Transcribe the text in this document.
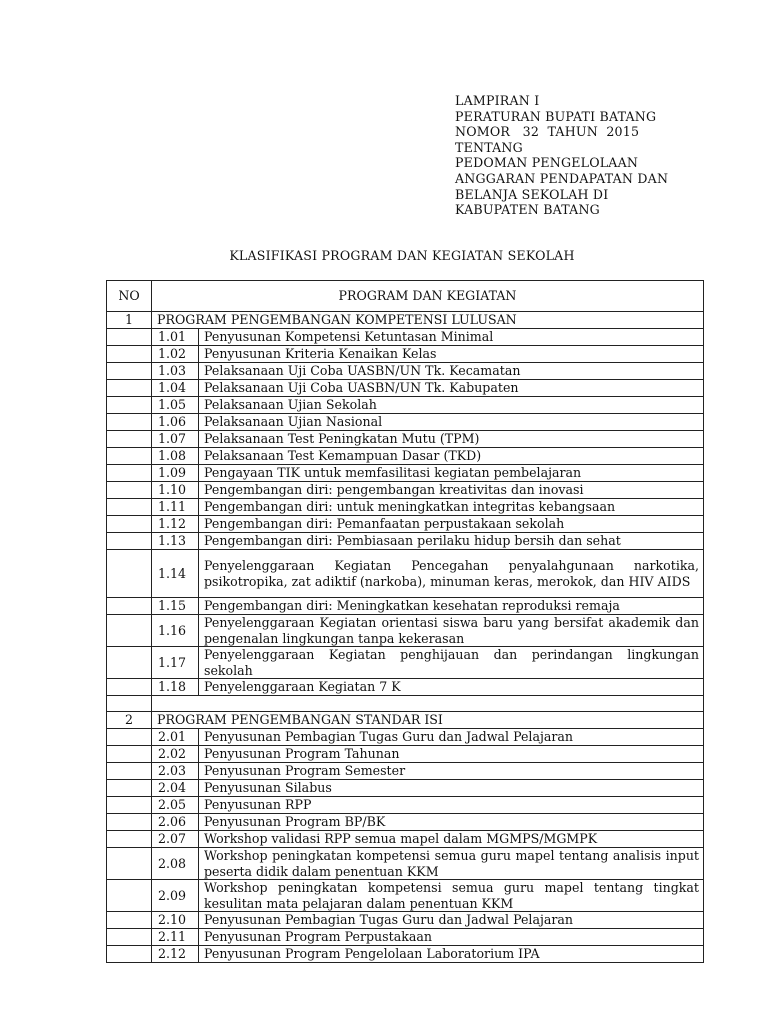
LAMPIRAN I
PERATURAN BUPATI BATANG
NOMOR   32  TAHUN  2015
TENTANG
PEDOMAN PENGELOLAAN
ANGGARAN PENDAPATAN DAN
BELANJA SEKOLAH DI
KABUPATEN BATANG
KLASIFIKASI PROGRAM DAN KEGIATAN SEKOLAH
NO	PROGRAM DAN KEGIATAN	
1	PROGRAM PENGEMBANGAN KOMPETENSI LULUSAN	
	1.01	Penyusunan Kompetensi Ketuntasan Minimal
	1.02	Penyusunan Kriteria Kenaikan Kelas
	1.03	Pelaksanaan Uji Coba UASBN/UN Tk. Kecamatan
	1.04	Pelaksanaan Uji Coba UASBN/UN Tk. Kabupaten
	1.05	Pelaksanaan Ujian Sekolah
	1.06	Pelaksanaan Ujian Nasional
	1.07	Pelaksanaan Test Peningkatan Mutu (TPM)
	1.08	Pelaksanaan Test Kemampuan Dasar (TKD)
	1.09	Pengayaan TIK untuk memfasilitasi kegiatan pembelajaran
	1.10	Pengembangan diri: pengembangan kreativitas dan inovasi
	1.11	Pengembangan diri: untuk meningkatkan integritas kebangsaan
	1.12	Pengembangan diri: Pemanfaatan perpustakaan sekolah
	1.13	Pengembangan diri: Pembiasaan perilaku hidup bersih dan sehat
	1.14	Penyelenggaraan Kegiatan Pencegahan penyalahgunaan narkotika, psikotropika, zat adiktif (narkoba), minuman keras, merokok, dan HIV AIDS
	1.15	Pengembangan diri: Meningkatkan kesehatan reproduksi remaja
	1.16	Penyelenggaraan Kegiatan orientasi siswa baru yang bersifat akademik dan pengenalan lingkungan tanpa kekerasan
	1.17	Penyelenggaraan Kegiatan penghijauan dan perindangan lingkungan sekolah
	1.18	Penyelenggaraan Kegiatan 7 K

2	PROGRAM PENGEMBANGAN STANDAR ISI	
	2.01	Penyusunan Pembagian Tugas Guru dan Jadwal Pelajaran
	2.02	Penyusunan Program Tahunan
	2.03	Penyusunan Program Semester
	2.04	Penyusunan Silabus
	2.05	Penyusunan RPP
	2.06	Penyusunan Program BP/BK
	2.07	Workshop validasi RPP semua mapel dalam MGMPS/MGMPK
	2.08	Workshop peningkatan kompetensi semua guru mapel tentang analisis input peserta didik dalam penentuan KKM
	2.09	Workshop peningkatan kompetensi semua guru mapel tentang tingkat kesulitan mata pelajaran dalam penentuan KKM
	2.10	Penyusunan Pembagian Tugas Guru dan Jadwal Pelajaran
	2.11	Penyusunan Program Perpustakaan
	2.12	Penyusunan Program Pengelolaan Laboratorium IPA
